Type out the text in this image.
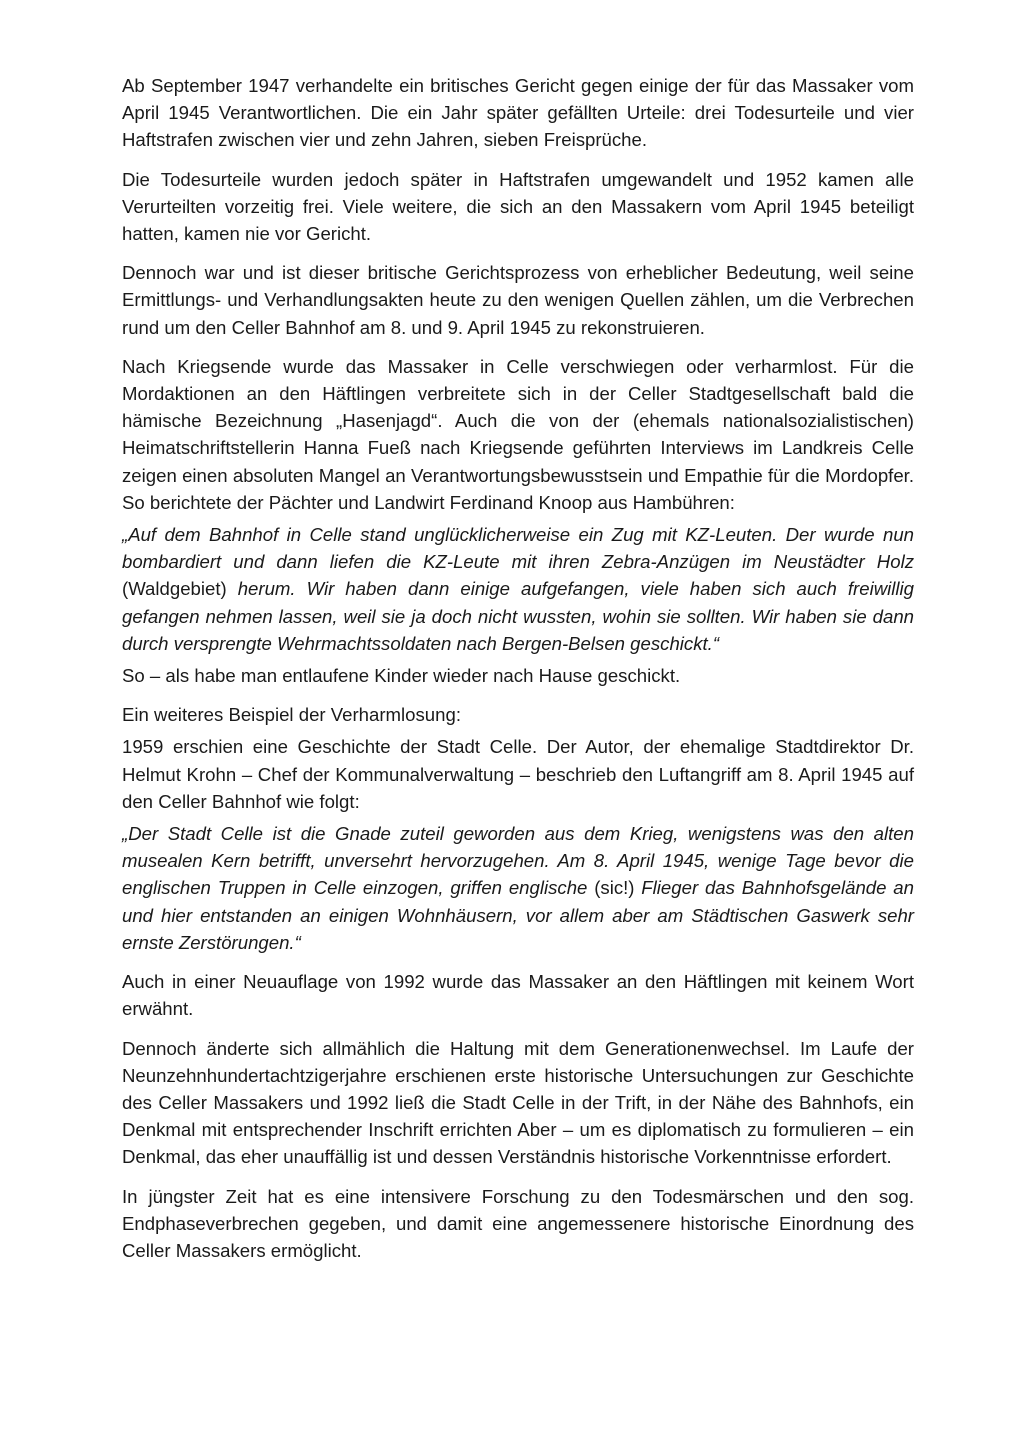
Ab September 1947 verhandelte ein britisches Gericht gegen einige der für das Massaker vom April 1945 Verantwortlichen. Die ein Jahr später gefällten Urteile: drei Todesurteile und vier Haftstrafen zwischen vier und zehn Jahren, sieben Freisprüche.

Die Todesurteile wurden jedoch später in Haftstrafen umgewandelt und 1952 kamen alle Verurteilten vorzeitig frei. Viele weitere, die sich an den Massakern vom April 1945 beteiligt hatten, kamen nie vor Gericht.

Dennoch war und ist dieser britische Gerichtsprozess von erheblicher Bedeutung, weil seine Ermittlungs- und Verhandlungsakten heute zu den wenigen Quellen zählen, um die Verbrechen rund um den Celler Bahnhof am 8. und 9. April 1945 zu rekonstruieren.

Nach Kriegsende wurde das Massaker in Celle verschwiegen oder verharmlost. Für die Mordaktionen an den Häftlingen verbreitete sich in der Celler Stadtgesellschaft bald die hämische Bezeichnung „Hasenjagd“. Auch die von der (ehemals nationalsozialistischen) Heimatschriftstellerin Hanna Fueß nach Kriegsende geführten Interviews im Landkreis Celle zeigen einen absoluten Mangel an Verantwortungsbewusstsein und Empathie für die Mordopfer. So berichtete der Pächter und Landwirt Ferdinand Knoop aus Hambühren:

„Auf dem Bahnhof in Celle stand unglücklicherweise ein Zug mit KZ-Leuten. Der wurde nun bombardiert und dann liefen die KZ-Leute mit ihren Zebra-Anzügen im Neustädter Holz (Waldgebiet) herum. Wir haben dann einige aufgefangen, viele haben sich auch freiwillig gefangen nehmen lassen, weil sie ja doch nicht wussten, wohin sie sollten. Wir haben sie dann durch versprengte Wehrmachtssoldaten nach Bergen-Belsen geschickt.“

So – als habe man entlaufene Kinder wieder nach Hause geschickt.

Ein weiteres Beispiel der Verharmlosung:

1959 erschien eine Geschichte der Stadt Celle. Der Autor, der ehemalige Stadtdirektor Dr. Helmut Krohn – Chef der Kommunalverwaltung – beschrieb den Luftangriff am 8. April 1945 auf den Celler Bahnhof wie folgt:

„Der Stadt Celle ist die Gnade zuteil geworden aus dem Krieg, wenigstens was den alten musealen Kern betrifft, unversehrt hervorzugehen. Am 8. April 1945, wenige Tage bevor die englischen Truppen in Celle einzogen, griffen englische (sic!) Flieger das Bahnhofsgelände an und hier entstanden an einigen Wohnhäusern, vor allem aber am Städtischen Gaswerk sehr ernste Zerstörungen.“

Auch in einer Neuauflage von 1992 wurde das Massaker an den Häftlingen mit keinem Wort erwähnt.

Dennoch änderte sich allmählich die Haltung mit dem Generationenwechsel. Im Laufe der Neunzehnhundertachtzigerjahre erschienen erste historische Untersuchungen zur Geschichte des Celler Massakers und 1992 ließ die Stadt Celle in der Trift, in der Nähe des Bahnhofs, ein Denkmal mit entsprechender Inschrift errichten Aber – um es diplomatisch zu formulieren – ein Denkmal, das eher unauffällig ist und dessen Verständnis historische Vorkenntnisse erfordert.

In jüngster Zeit hat es eine intensivere Forschung zu den Todesmärschen und den sog. Endphaseverbrechen gegeben, und damit eine angemessenere historische Einordnung des Celler Massakers ermöglicht.
